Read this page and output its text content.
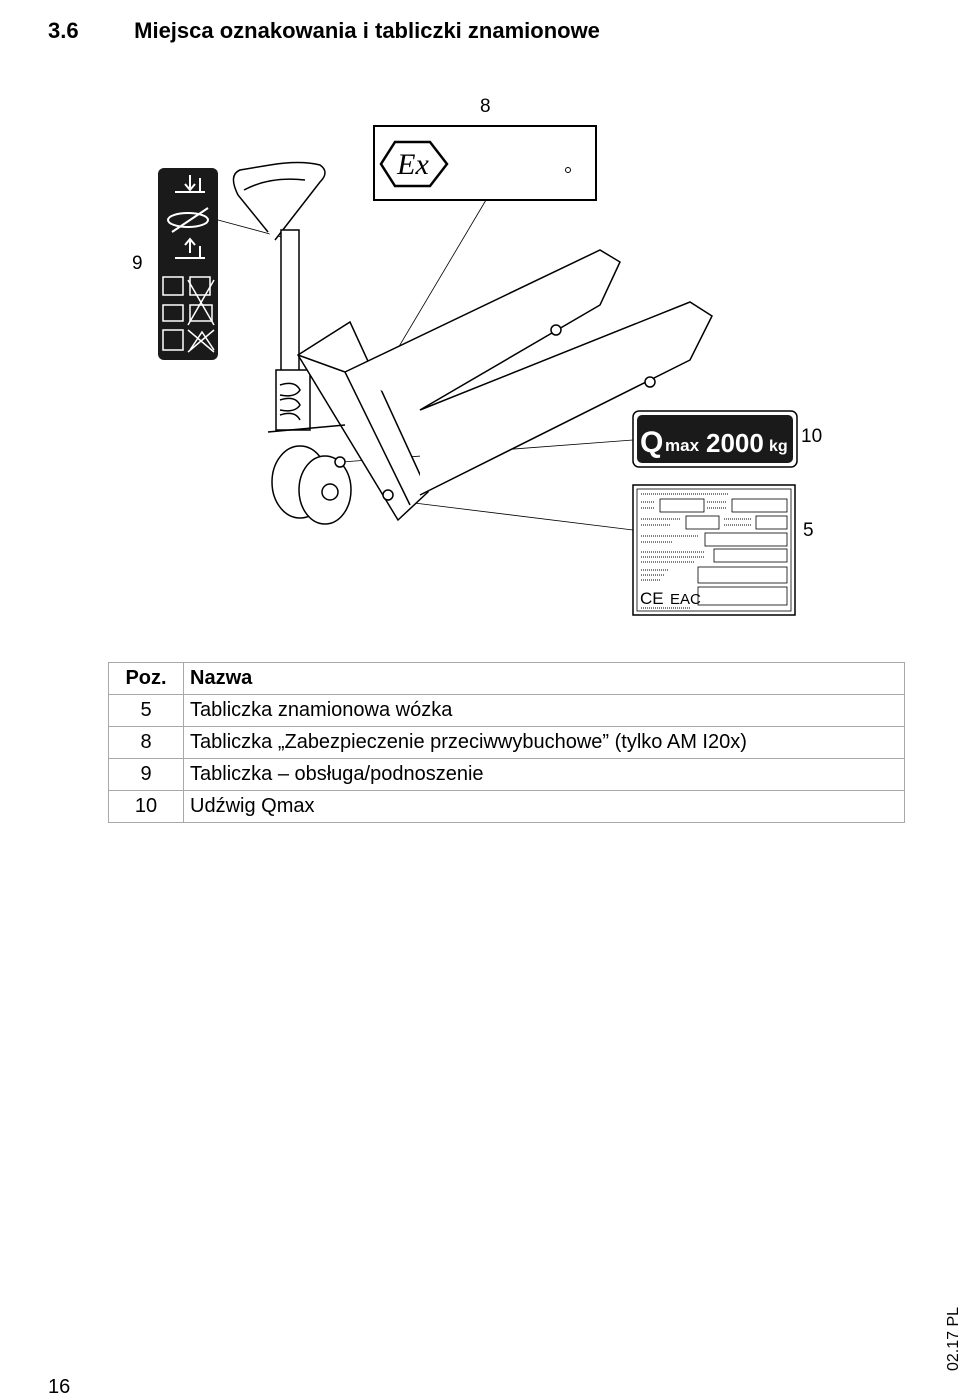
3.6	Miejsca oznakowania i tabliczki znamionowe
Ex
Q max 2000 kg
CE EAC
8
9
10
5
Poz.	Nazwa
5	Tabliczka znamionowa wózka
8	Tabliczka „Zabezpieczenie przeciwwybuchowe” (tylko AM I20x)
9	Tabliczka – obsługa/podnoszenie
10	Udźwig Qmax
02.17 PL
16
